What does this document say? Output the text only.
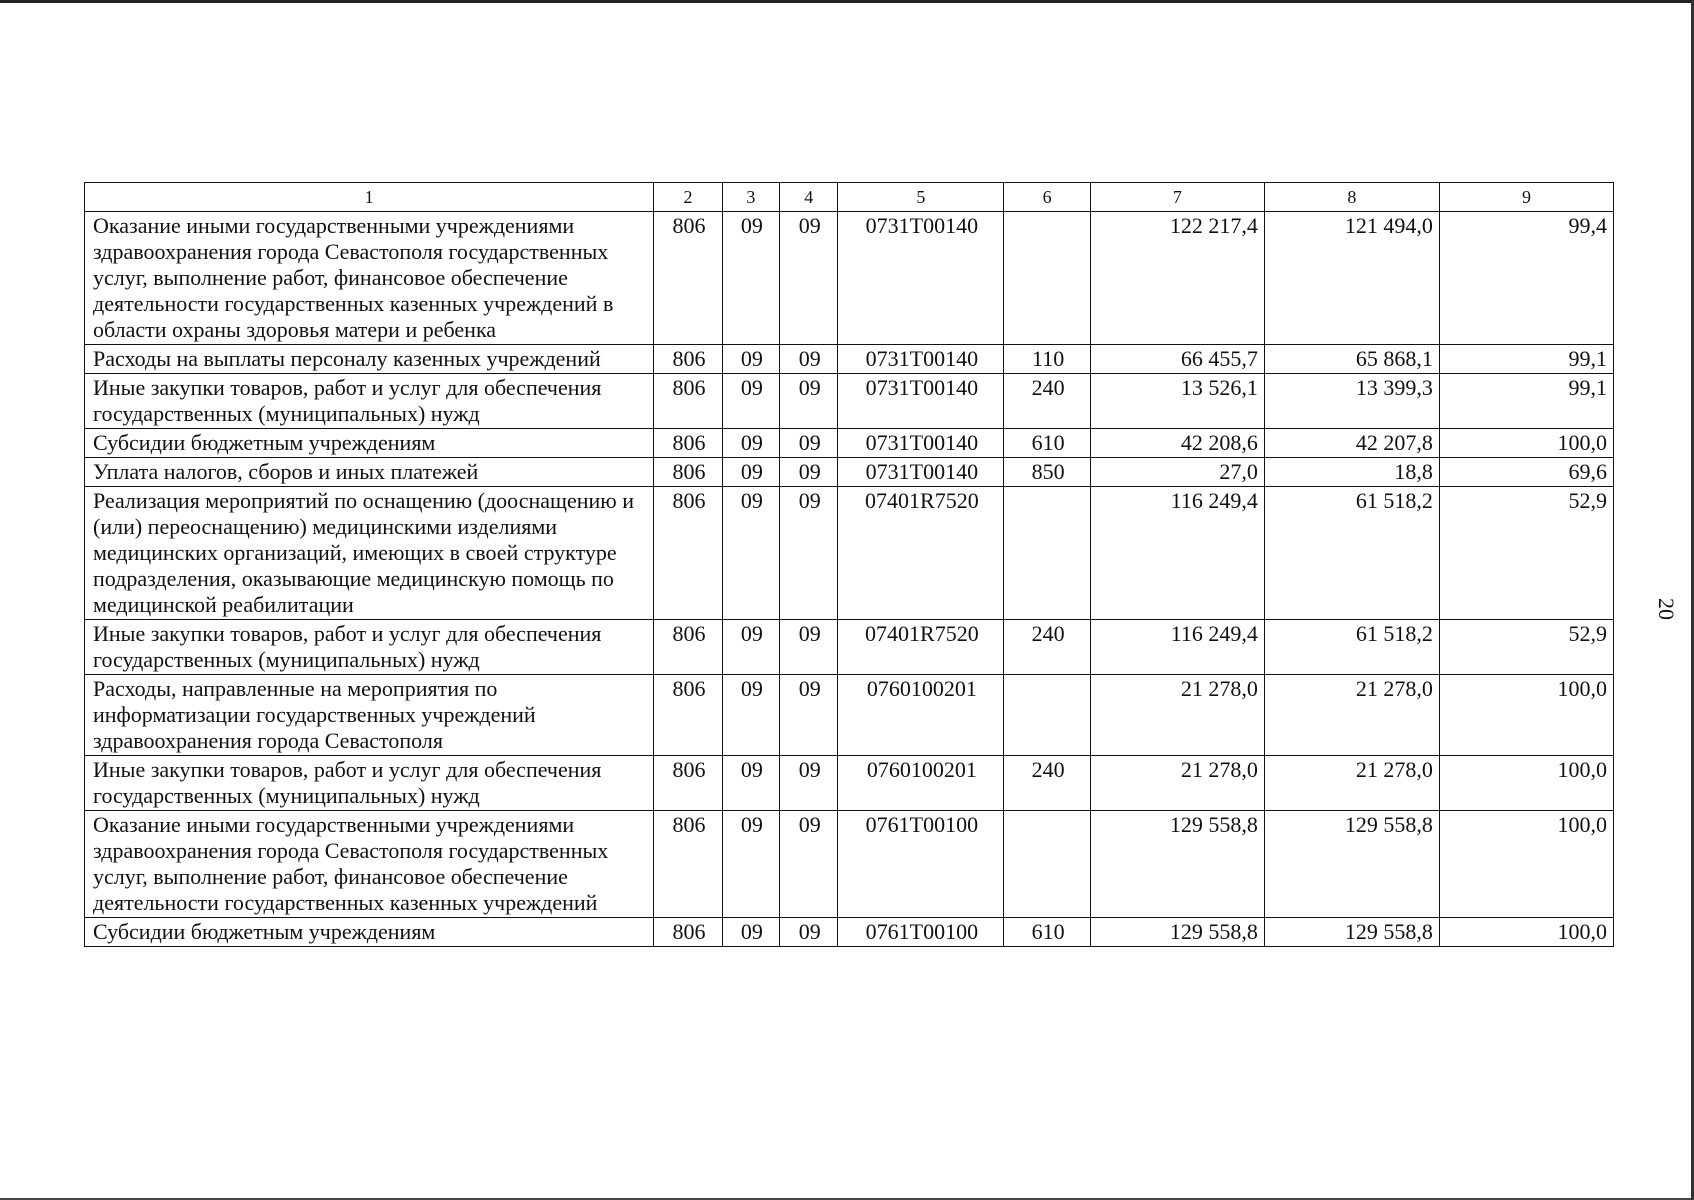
20
1	2	3	4	5	6	7	8	9
Оказание иными государственными учреждениями здравоохранения города Севастополя государственных услуг, выполнение работ, финансовое обеспечение деятельности государственных казенных учреждений в области охраны здоровья матери и ребенка	806	09	09	0731Т00140		122 217,4	121 494,0	99,4
Расходы на выплаты персоналу казенных учреждений	806	09	09	0731Т00140	110	66 455,7	65 868,1	99,1
Иные закупки товаров, работ и услуг для обеспечения государственных (муниципальных) нужд	806	09	09	0731Т00140	240	13 526,1	13 399,3	99,1
Субсидии бюджетным учреждениям	806	09	09	0731Т00140	610	42 208,6	42 207,8	100,0
Уплата налогов, сборов и иных платежей	806	09	09	0731Т00140	850	27,0	18,8	69,6
Реализация мероприятий по оснащению (дооснащению и (или) переоснащению) медицинскими изделиями медицинских организаций, имеющих в своей структуре подразделения, оказывающие медицинскую помощь по медицинской реабилитации	806	09	09	07401R7520		116 249,4	61 518,2	52,9
Иные закупки товаров, работ и услуг для обеспечения государственных (муниципальных) нужд	806	09	09	07401R7520	240	116 249,4	61 518,2	52,9
Расходы, направленные на мероприятия по информатизации государственных учреждений здравоохранения города Севастополя	806	09	09	0760100201		21 278,0	21 278,0	100,0
Иные закупки товаров, работ и услуг для обеспечения государственных (муниципальных) нужд	806	09	09	0760100201	240	21 278,0	21 278,0	100,0
Оказание иными государственными учреждениями здравоохранения города Севастополя государственных услуг, выполнение работ, финансовое обеспечение деятельности государственных казенных учреждений	806	09	09	0761Т00100		129 558,8	129 558,8	100,0
Субсидии бюджетным учреждениям	806	09	09	0761Т00100	610	129 558,8	129 558,8	100,0
